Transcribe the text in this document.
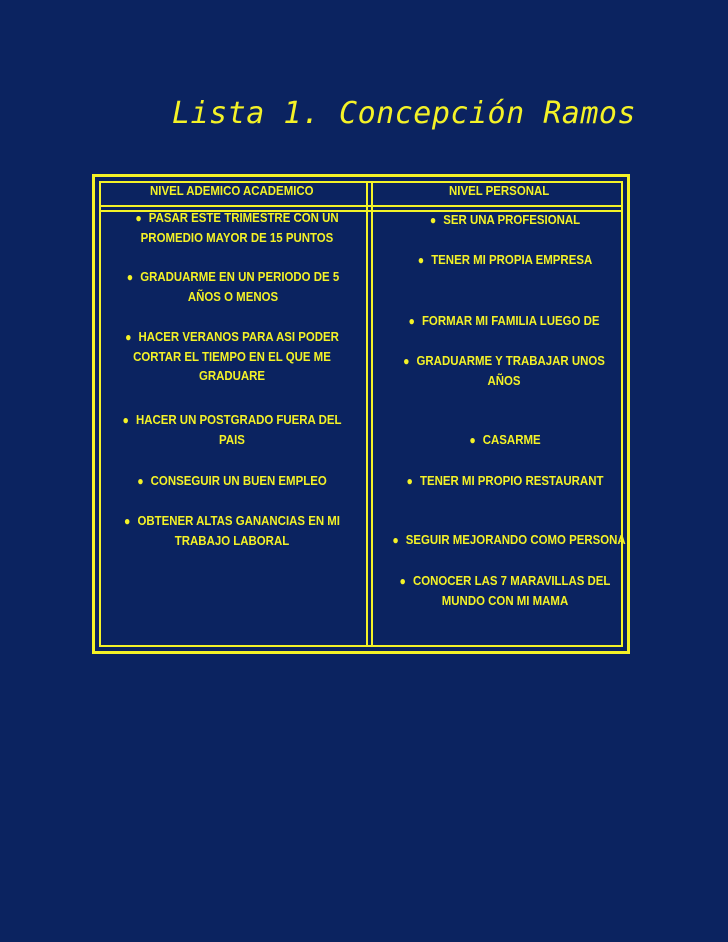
Lista 1. Concepción Ramos
NIVEL ADEMICO ACADEMICO	NIVEL PERSONAL
● PASAR ESTE TRIMESTRE CON UN PROMEDIO MAYOR DE 15 PUNTOS
● GRADUARME EN UN PERIODO DE 5 AÑOS O MENOS
● HACER VERANOS PARA ASI PODER CORTAR EL TIEMPO EN EL QUE ME GRADUARE
● HACER UN POSTGRADO FUERA DEL PAIS
● CONSEGUIR UN BUEN EMPLEO
● OBTENER ALTAS GANANCIAS EN MI TRABAJO LABORAL
● SER UNA PROFESIONAL
● TENER MI PROPIA EMPRESA
● FORMAR MI FAMILIA LUEGO DE
● GRADUARME Y TRABAJAR UNOS AÑOS
● CASARME
● TENER MI PROPIO RESTAURANT
● SEGUIR MEJORANDO COMO PERSONA
● CONOCER LAS 7 MARAVILLAS DEL MUNDO CON MI MAMA
